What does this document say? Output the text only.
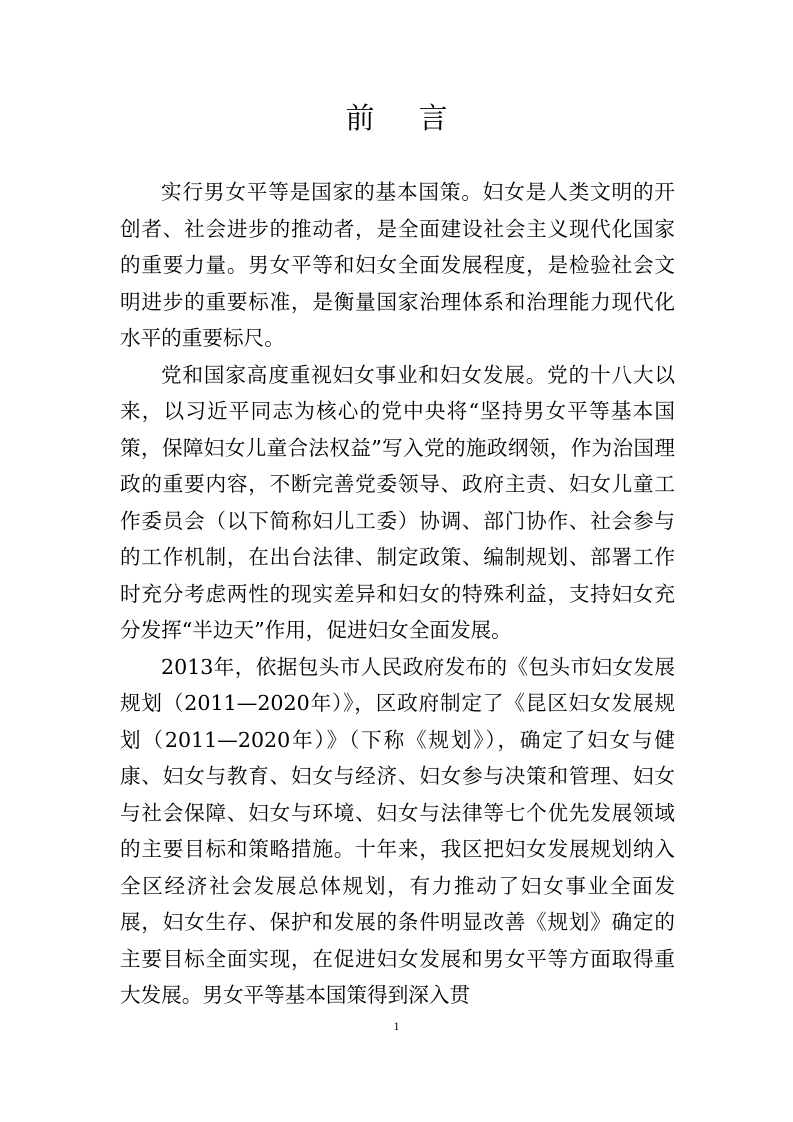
前言

实行男女平等是国家的基本国策。妇女是人类文明的开创者、社会进步的推动者，是全面建设社会主义现代化国家的重要力量。男女平等和妇女全面发展程度，是检验社会文明进步的重要标准，是衡量国家治理体系和治理能力现代化水平的重要标尺。

党和国家高度重视妇女事业和妇女发展。党的十八大以来，以习近平同志为核心的党中央将“坚持男女平等基本国策，保障妇女儿童合法权益”写入党的施政纲领，作为治国理政的重要内容，不断完善党委领导、政府主责、妇女儿童工作委员会（以下简称妇儿工委）协调、部门协作、社会参与的工作机制，在出台法律、制定政策、编制规划、部署工作时充分考虑两性的现实差异和妇女的特殊利益，支持妇女充分发挥“半边天”作用，促进妇女全面发展。

2013年，依据包头市人民政府发布的《包头市妇女发展规划（2011—2020年）》，区政府制定了《昆区妇女发展规划（2011—2020年）》（下称《规划》），确定了妇女与健康、妇女与教育、妇女与经济、妇女参与决策和管理、妇女与社会保障、妇女与环境、妇女与法律等七个优先发展领域的主要目标和策略措施。十年来，我区把妇女发展规划纳入全区经济社会发展总体规划，有力推动了妇女事业全面发展，妇女生存、保护和发展的条件明显改善《规划》确定的主要目标全面实现，在促进妇女发展和男女平等方面取得重大发展。男女平等基本国策得到深入贯

1
